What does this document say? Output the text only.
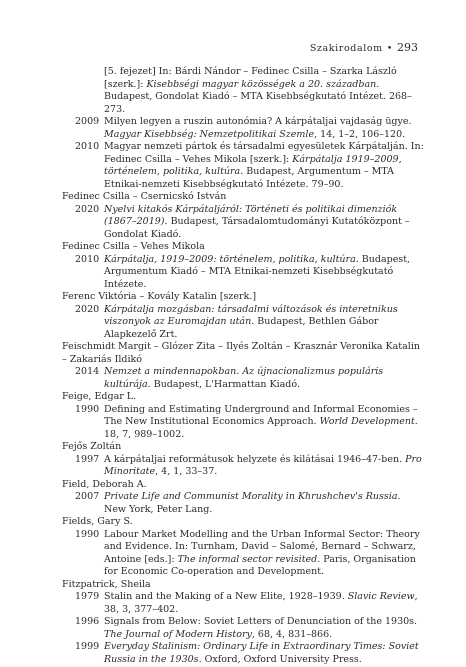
Szakirodalom • 293
[5. fejezet] In: Bárdi Nándor – Fedinec Csilla – Szarka László [szerk.]: Kisebbségi magyar közösségek a 20. században. Budapest, Gondolat Kiadó – MTA Kisebbségkutató Intézet. 268–273.
2009 Milyen legyen a ruszin autonómia? A kárpátaljai vajdaság ügye. Magyar Kisebbség: Nemzetpolitikai Szemle, 14, 1–2, 106–120.
2010 Magyar nemzeti pártok és társadalmi egyesületek Kárpátalján. In: Fedinec Csilla – Vehes Mikola [szerk.]: Kárpátalja 1919–2009, történelem, politika, kultúra. Budapest, Argumentum – MTA Etnikai-nemzeti Kisebbségkutató Intézete. 79–90.
Fedinec Csilla – Csernicskó István
2020 Nyelvi kitakós Kárpátaljáról: Történeti és politikai dimenziók (1867–2019). Budapest, Társadalomtudományi Kutatóközpont – Gondolat Kiadó.
Fedinec Csilla – Vehes Mikola
2010 Kárpátalja, 1919–2009: történelem, politika, kultúra. Budapest, Argumentum Kiadó – MTA Etnikai-nemzeti Kisebbségkutató Intézete.
Ferenc Viktória – Kovály Katalin [szerk.]
2020 Kárpátalja mozgásban: társadalmi változások és interetnikus viszonyok az Euromajdan után. Budapest, Bethlen Gábor Alapkezelő Zrt.
Feischmidt Margit – Glózer Zita – Ilyés Zoltán – Krasznár Veronika Katalin – Zakariás Ildikó
2014 Nemzet a mindennapokban. Az újnacionalizmus populáris kultúrája. Budapest, L'Harmattan Kiadó.
Feige, Edgar L.
1990 Defining and Estimating Underground and Informal Economies – The New Institutional Economics Approach. World Development. 18, 7, 989–1002.
Fejős Zoltán
1997 A kárpátaljai reformátusok helyzete és kilátásai 1946–47-ben. Pro Minoritate, 4, 1, 33–37.
Field, Deborah A.
2007 Private Life and Communist Morality in Khrushchev's Russia. New York, Peter Lang.
Fields, Gary S.
1990 Labour Market Modelling and the Urban Informal Sector: Theory and Evidence. In: Turnham, David – Salomé, Bernard – Schwarz, Antoine [eds.]: The informal sector revisited. Paris, Organisation for Economic Co-operation and Development.
Fitzpatrick, Sheila
1979 Stalin and the Making of a New Elite, 1928–1939. Slavic Review, 38, 3, 377–402.
1996 Signals from Below: Soviet Letters of Denunciation of the 1930s. The Journal of Modern History, 68, 4, 831–866.
1999 Everyday Stalinism: Ordinary Life in Extraordinary Times: Soviet Russia in the 1930s. Oxford, Oxford University Press.
